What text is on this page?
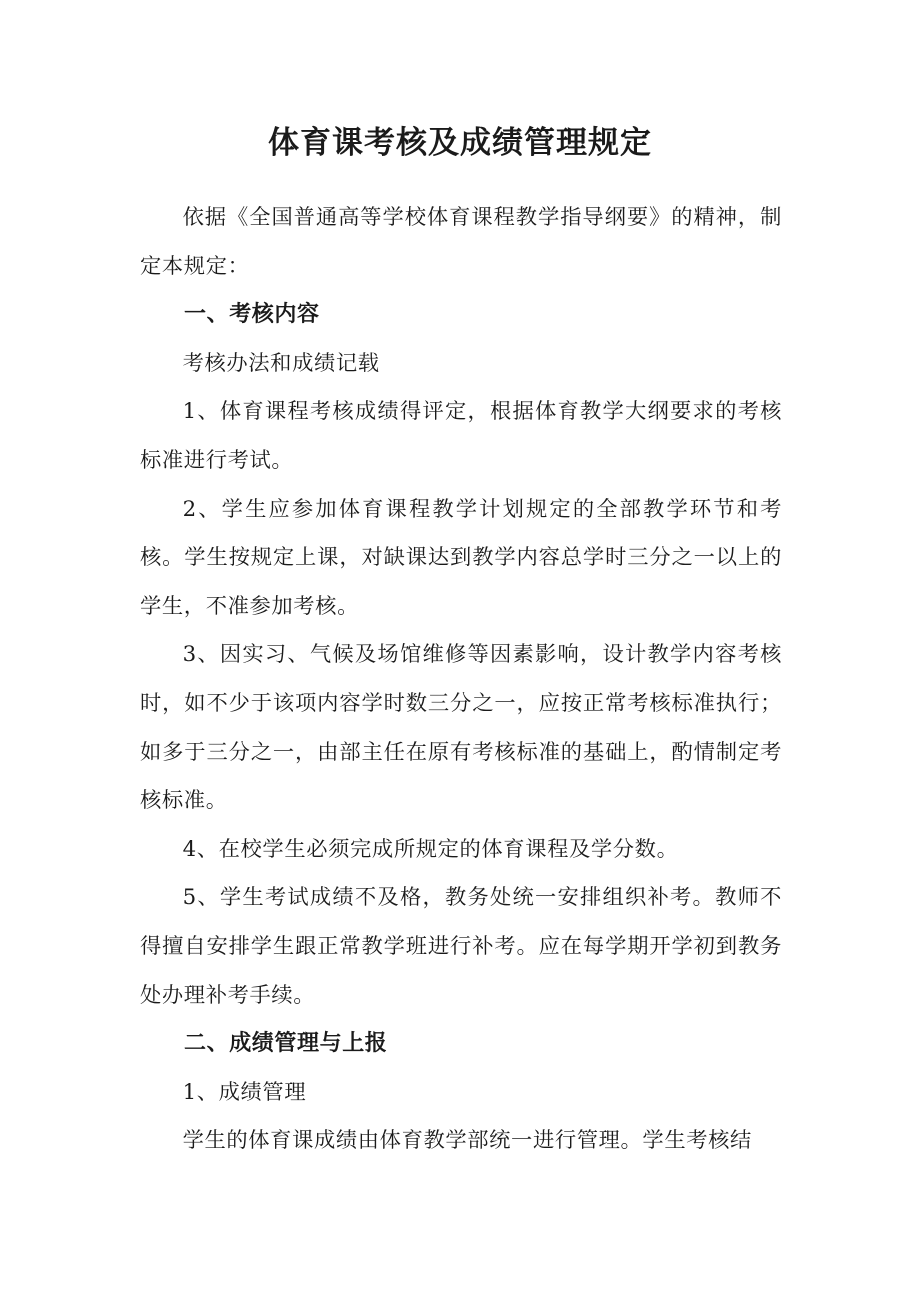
体育课考核及成绩管理规定

依据《全国普通高等学校体育课程教学指导纲要》的精神，制定本规定：

一、考核内容

考核办法和成绩记载

1、体育课程考核成绩得评定，根据体育教学大纲要求的考核标准进行考试。

2、学生应参加体育课程教学计划规定的全部教学环节和考核。学生按规定上课，对缺课达到教学内容总学时三分之一以上的学生，不准参加考核。

3、因实习、气候及场馆维修等因素影响，设计教学内容考核时，如不少于该项内容学时数三分之一，应按正常考核标准执行；如多于三分之一，由部主任在原有考核标准的基础上，酌情制定考核标准。

4、在校学生必须完成所规定的体育课程及学分数。

5、学生考试成绩不及格，教务处统一安排组织补考。教师不得擅自安排学生跟正常教学班进行补考。应在每学期开学初到教务处办理补考手续。

二、成绩管理与上报

1、成绩管理

学生的体育课成绩由体育教学部统一进行管理。学生考核结
